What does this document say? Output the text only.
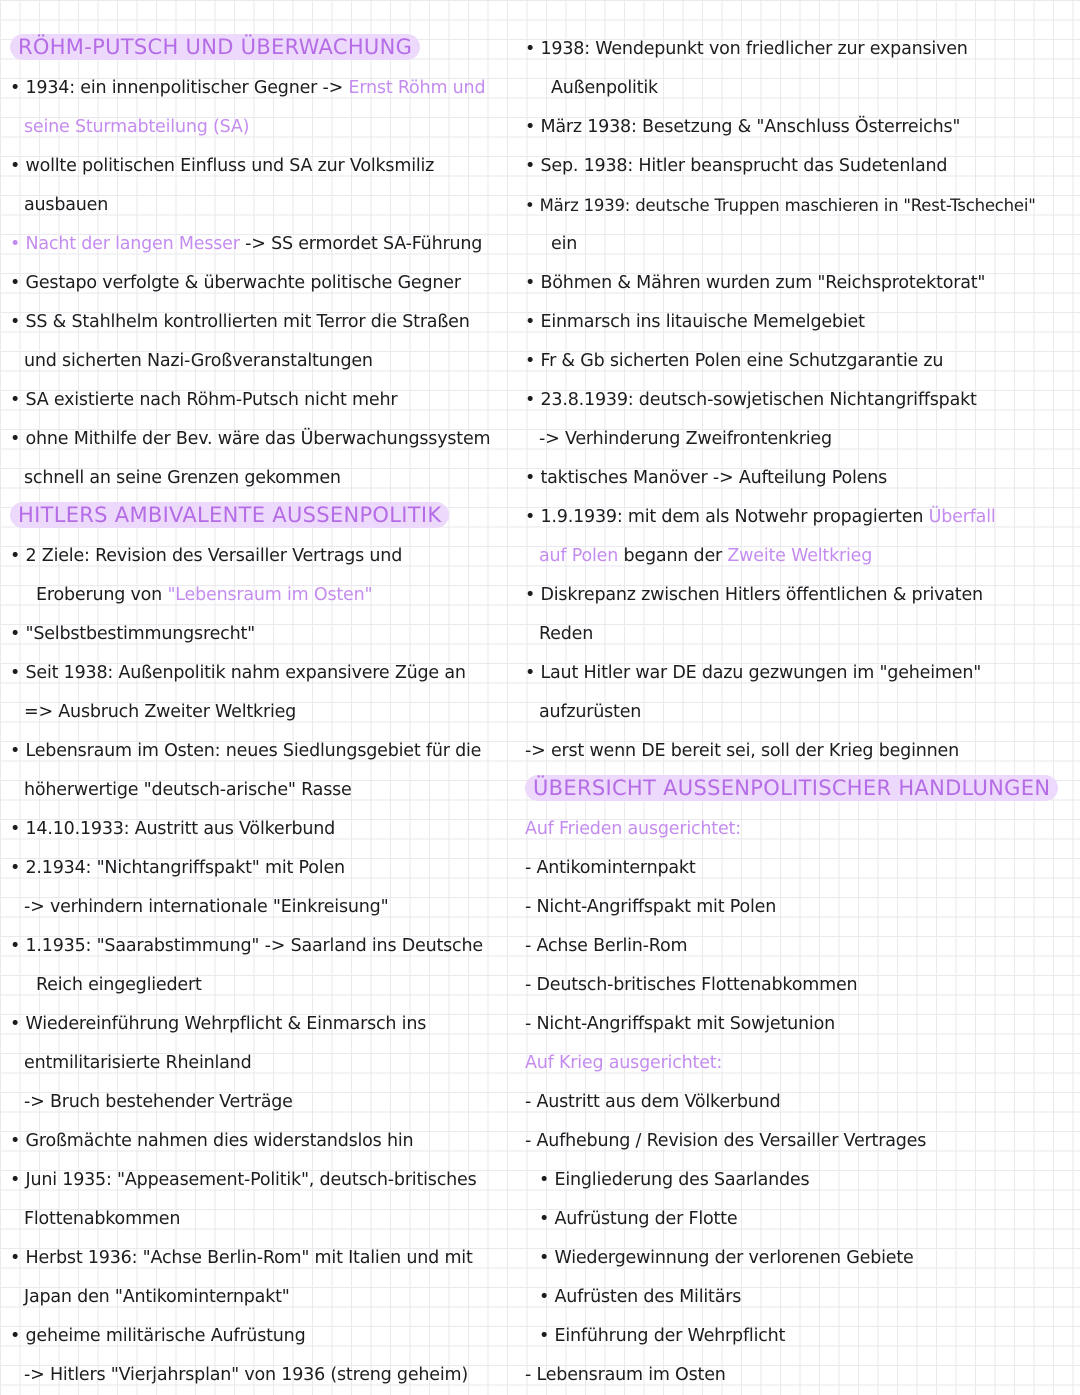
RÖHM-PUTSCH UND ÜBERWACHUNG
• 1934: ein innenpolitischer Gegner -> Ernst Röhm und
seine Sturmabteilung (SA)
• wollte politischen Einfluss und SA zur Volksmiliz
ausbauen
• Nacht der langen Messer -> SS ermordet SA-Führung
• Gestapo verfolgte & überwachte politische Gegner
• SS & Stahlhelm kontrollierten mit Terror die Straßen
und sicherten Nazi-Großveranstaltungen
• SA existierte nach Röhm-Putsch nicht mehr
• ohne Mithilfe der Bev. wäre das Überwachungssystem
schnell an seine Grenzen gekommen
HITLERS AMBIVALENTE AUSSENPOLITIK
• 2 Ziele: Revision des Versailler Vertrags und
Eroberung von "Lebensraum im Osten"
• "Selbstbestimmungsrecht"
• Seit 1938: Außenpolitik nahm expansivere Züge an
=> Ausbruch Zweiter Weltkrieg
• Lebensraum im Osten: neues Siedlungsgebiet für die
höherwertige "deutsch-arische" Rasse
• 14.10.1933: Austritt aus Völkerbund
• 2.1934: "Nichtangriffspakt" mit Polen
-> verhindern internationale "Einkreisung"
• 1.1935: "Saarabstimmung" -> Saarland ins Deutsche
Reich eingegliedert
• Wiedereinführung Wehrpflicht & Einmarsch ins
entmilitarisierte Rheinland
-> Bruch bestehender Verträge
• Großmächte nahmen dies widerstandslos hin
• Juni 1935: "Appeasement-Politik", deutsch-britisches
Flottenabkommen
• Herbst 1936: "Achse Berlin-Rom" mit Italien und mit
Japan den "Antikominternpakt"
• geheime militärische Aufrüstung
-> Hitlers "Vierjahrsplan" von 1936 (streng geheim)
• 1938: Wendepunkt von friedlicher zur expansiven
Außenpolitik
• März 1938: Besetzung & "Anschluss Österreichs"
• Sep. 1938: Hitler beansprucht das Sudetenland
• März 1939: deutsche Truppen maschieren in "Rest-Tschechei"
ein
• Böhmen & Mähren wurden zum "Reichsprotektorat"
• Einmarsch ins litauische Memelgebiet
• Fr & Gb sicherten Polen eine Schutzgarantie zu
• 23.8.1939: deutsch-sowjetischen Nichtangriffspakt
-> Verhinderung Zweifrontenkrieg
• taktisches Manöver -> Aufteilung Polens
• 1.9.1939: mit dem als Notwehr propagierten Überfall
auf Polen begann der Zweite Weltkrieg
• Diskrepanz zwischen Hitlers öffentlichen & privaten
Reden
• Laut Hitler war DE dazu gezwungen im "geheimen"
aufzurüsten
-> erst wenn DE bereit sei, soll der Krieg beginnen
ÜBERSICHT AUSSENPOLITISCHER HANDLUNGEN
Auf Frieden ausgerichtet:
- Antikominternpakt
- Nicht-Angriffspakt mit Polen
- Achse Berlin-Rom
- Deutsch-britisches Flottenabkommen
- Nicht-Angriffspakt mit Sowjetunion
Auf Krieg ausgerichtet:
- Austritt aus dem Völkerbund
- Aufhebung / Revision des Versailler Vertrages
• Eingliederung des Saarlandes
• Aufrüstung der Flotte
• Wiedergewinnung der verlorenen Gebiete
• Aufrüsten des Militärs
• Einführung der Wehrpflicht
- Lebensraum im Osten
